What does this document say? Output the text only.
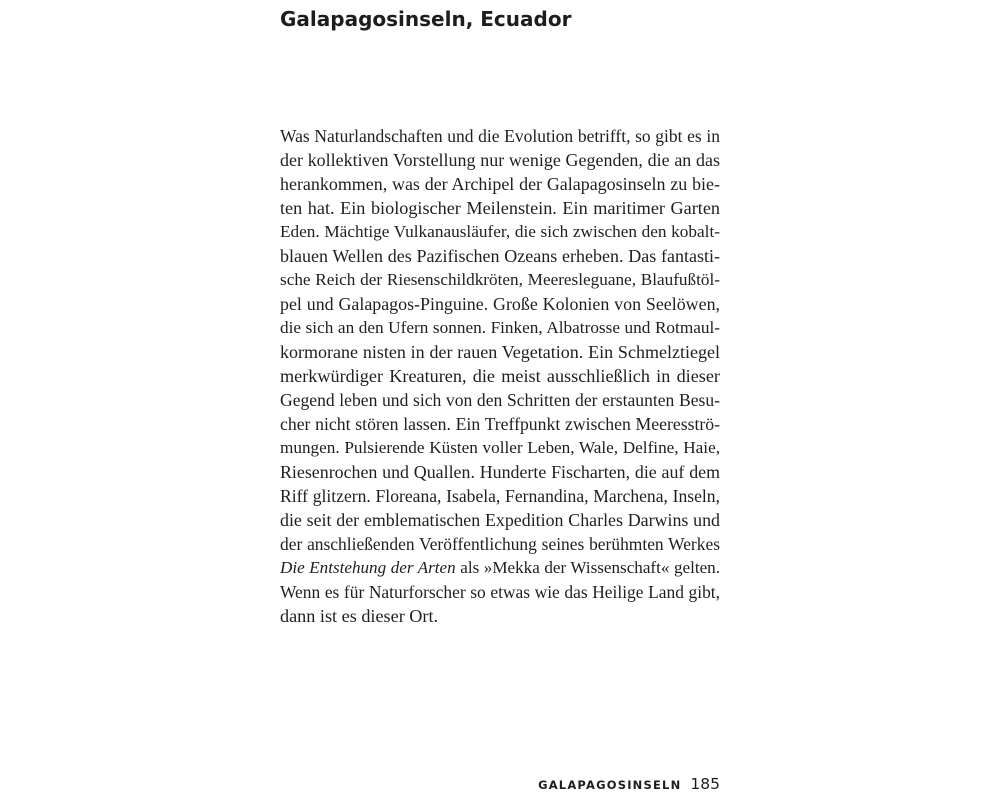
Galapagosinseln, Ecuador
Was Naturlandschaften und die Evolution betrifft, so gibt es in
der kollektiven Vorstellung nur wenige Gegenden, die an das
herankommen, was der Archipel der Galapagosinseln zu bie-
ten hat. Ein biologischer Meilenstein. Ein maritimer Garten
Eden. Mächtige Vulkanausläufer, die sich zwischen den kobalt-
blauen Wellen des Pazifischen Ozeans erheben. Das fantasti-
sche Reich der Riesenschildkröten, Meeresleguane, Blaufußtöl-
pel und Galapagos-Pinguine. Große Kolonien von Seelöwen,
die sich an den Ufern sonnen. Finken, Albatrosse und Rotmaul-
kormorane nisten in der rauen Vegetation. Ein Schmelztiegel
merkwürdiger Kreaturen, die meist ausschließlich in dieser
Gegend leben und sich von den Schritten der erstaunten Besu-
cher nicht stören lassen. Ein Treffpunkt zwischen Meeresströ-
mungen. Pulsierende Küsten voller Leben, Wale, Delfine, Haie,
Riesenrochen und Quallen. Hunderte Fischarten, die auf dem
Riff glitzern. Floreana, Isabela, Fernandina, Marchena, Inseln,
die seit der emblematischen Expedition Charles Darwins und
der anschließenden Veröffentlichung seines berühmten Werkes
Die Entstehung der Arten als »Mekka der Wissenschaft« gelten.
Wenn es für Naturforscher so etwas wie das Heilige Land gibt,
dann ist es dieser Ort.
GALAPAGOSINSELN 185
